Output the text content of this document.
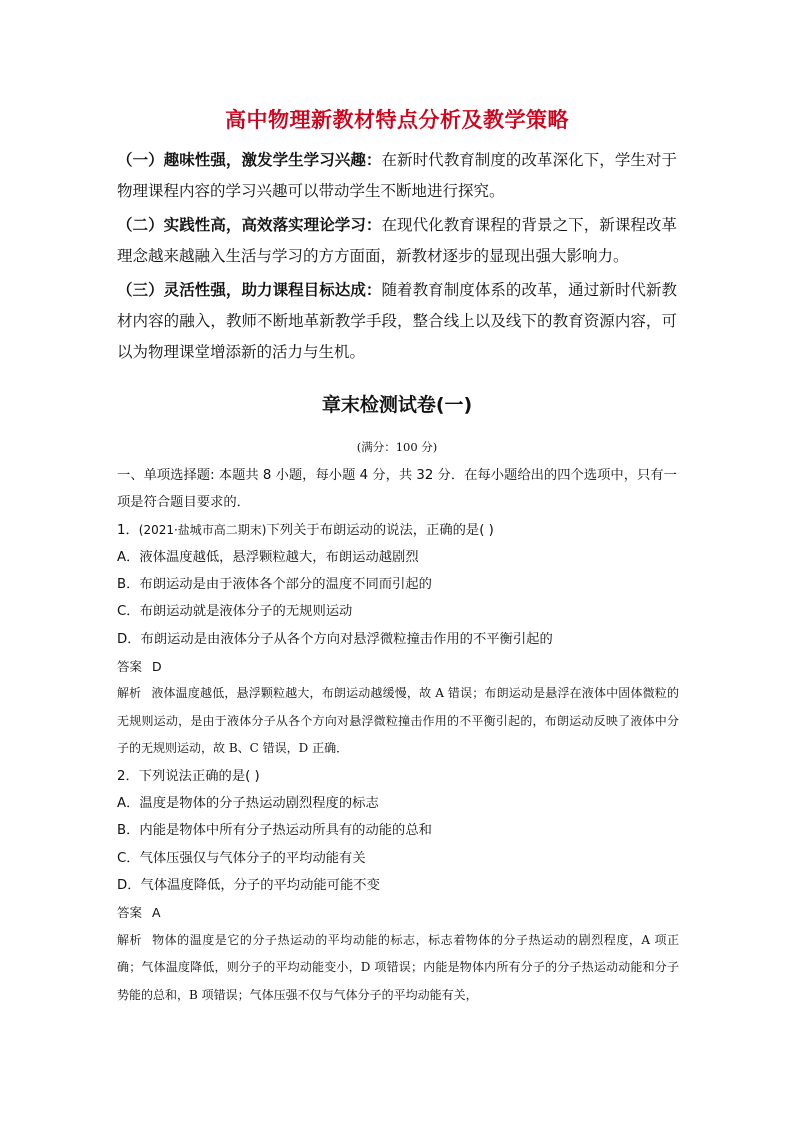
高中物理新教材特点分析及教学策略

（一）趣味性强，激发学生学习兴趣：在新时代教育制度的改革深化下，学生对于物理课程内容的学习兴趣可以带动学生不断地进行探究。

（二）实践性高，高效落实理论学习：在现代化教育课程的背景之下，新课程改革理念越来越融入生活与学习的方方面面，新教材逐步的显现出强大影响力。

（三）灵活性强，助力课程目标达成：随着教育制度体系的改革，通过新时代新教材内容的融入，教师不断地革新教学手段，整合线上以及线下的教育资源内容，可以为物理课堂增添新的活力与生机。

章末检测试卷(一)
(满分：100 分)

一、单项选择题: 本题共 8 小题，每小题 4 分，共 32 分．在每小题给出的四个选项中，只有一项是符合题目要求的．

1．(2021·盐城市高二期末)下列关于布朗运动的说法，正确的是( )

A．液体温度越低，悬浮颗粒越大，布朗运动越剧烈

B．布朗运动是由于液体各个部分的温度不同而引起的

C．布朗运动就是液体分子的无规则运动

D．布朗运动是由液体分子从各个方向对悬浮微粒撞击作用的不平衡引起的

答案 D

解析 液体温度越低，悬浮颗粒越大，布朗运动越缓慢，故 A 错误；布朗运动是悬浮在液体中固体微粒的无规则运动，是由于液体分子从各个方向对悬浮微粒撞击作用的不平衡引起的，布朗运动反映了液体中分子的无规则运动，故 B、C 错误，D 正确．

2．下列说法正确的是( )

A．温度是物体的分子热运动剧烈程度的标志

B．内能是物体中所有分子热运动所具有的动能的总和

C．气体压强仅与气体分子的平均动能有关

D．气体温度降低，分子的平均动能可能不变

答案 A

解析 物体的温度是它的分子热运动的平均动能的标志，标志着物体的分子热运动的剧烈程度，A 项正确；气体温度降低，则分子的平均动能变小，D 项错误；内能是物体内所有分子的分子热运动动能和分子势能的总和，B 项错误；气体压强不仅与气体分子的平均动能有关，
